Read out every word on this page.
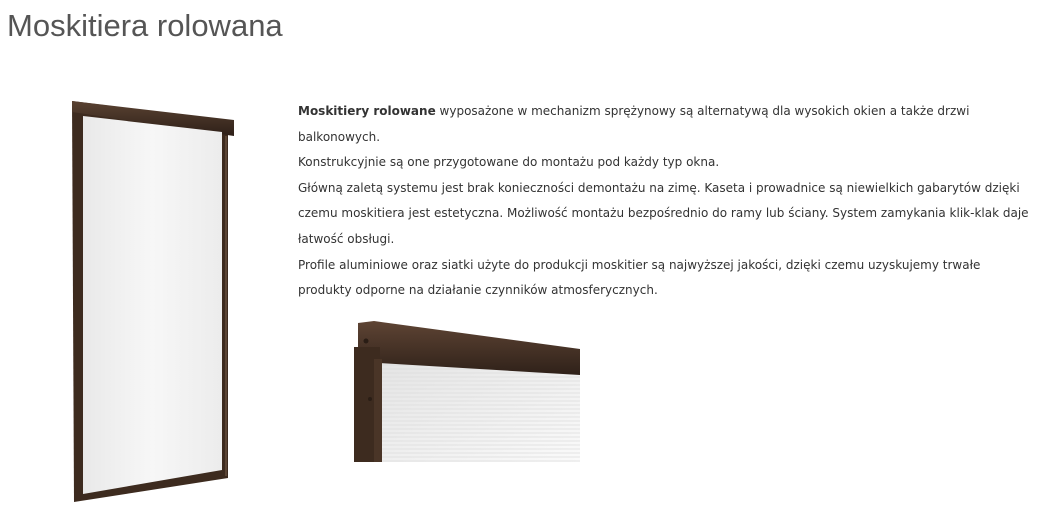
Moskitiera rolowana

Moskitiery rolowane wyposażone w mechanizm sprężynowy są alternatywą dla wysokich okien a także drzwi balkonowych.

Konstrukcyjnie są one przygotowane do montażu pod każdy typ okna.

Główną zaletą systemu jest brak konieczności demontażu na zimę. Kaseta i prowadnice są niewielkich gabarytów dzięki czemu moskitiera jest estetyczna. Możliwość montażu bezpośrednio do ramy lub ściany. System zamykania klik-klak daje łatwość obsługi.

Profile aluminiowe oraz siatki użyte do produkcji moskitier są najwyższej jakości, dzięki czemu uzyskujemy trwałe produkty odporne na działanie czynników atmosferycznych.
